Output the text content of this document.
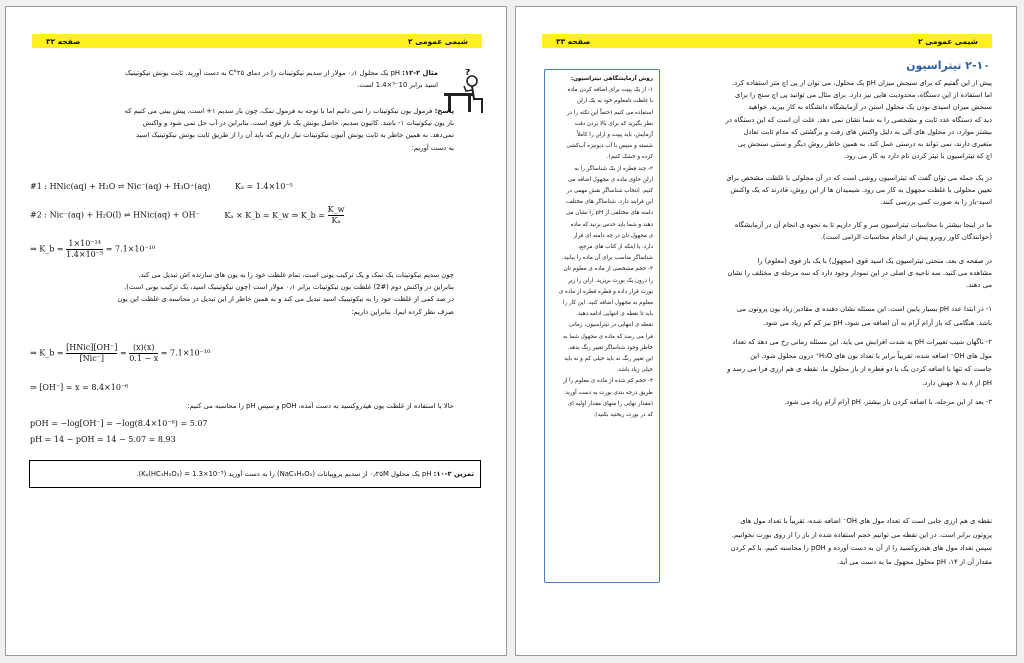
شیمی عمومی ۲
صفحه ۳۲
?
مثال ۲-۱۲: pH یک محلول ۰٫۱ مولار از سدیم نیکوتینات را در دمای C°۲۵ به دست آورید. ثابت یونش نیکوتینیک
اسید برابر 10⁻⁵×1.4 است.
پاسخ: فرمول یون نیکوتینات را نمی دانیم اما با توجه به فرمول نمک، چون بار سدیم ۱+ است، پیش بینی می کنیم که
بار یون نیکوتینات ۱- باشد. کاتیون سدیم، حاصل یونش یک باز قوی است. بنابراین در آب حل نمی شود و واکنش
نمی‌دهد. به همین خاطر به ثابت یونش آنیون نیکوتینات نیاز داریم که باید آن را از طریق ثابت یونش نیکوتینیک اسید
به دست آوریم:
#1 : HNic(aq) + H₂O ⇌ Nic⁻(aq) + H₃O⁺(aq)	Kₐ = 1.4×10⁻⁵
#2 : Nic⁻(aq) + H₂O(l) ⇌ HNic(aq) + OH⁻	Kₐ × K_b = K_w ⇒ K_b = $\frac{K\_w}{\text{Kₐ}}$
⇒ K_b = $\frac{\text{1×10⁻¹⁴}}{\text{1.4×10⁻⁵}} = 7.1\times 10^{-10}$
چون سدیم نیکوتینات یک نمک و یک ترکیب یونی است، تمام غلظت خود را به یون های سازنده اش تبدیل می کند.
بنابراین در واکنش دوم (#2) غلظت یون نیکوتینات برابر ۰٫۱ مولار است (چون نیکوتینیک اسید، یک ترکیب یونی است).
در صد کمی از غلظت خود را به نیکوتینیک اسید تبدیل می کند و به همین خاطر از این تبدیل در محاسبه ی غلظت این یون
صرف نظر کرده ایم). بنابراین داریم:
⇒ K_b = $\frac{\text{[HNic][OH⁻]}}{\text{[Nic⁻]}} = \frac{(x)(x)}{0.1 - x} = 7.1\times 10^{-10}$
⇒ [OH⁻] = x = 8.4×10⁻⁶
حالا با استفاده از غلظت یون هیدروکسید به دست آمده، pOH و سپس pH را محاسبه می کنیم:
pOH = −log[OH⁻] = −log(8.4×10⁻⁶) = 5.07
pH = 14 − pOH = 14 − 5.07 = 8.93
تمرین ۲-۱۰: pH یک محلول ۰٫۲۵M از سدیم پروپیانات (NaC₃H₅O₂) را به دست آورید (Kₐ(HC₃H₅O₂) = 1.3×10⁻⁵).
شیمی عمومی ۲
صفحه ۳۳
۲-۱۰ تیتراسیون

روش آزمایشگاهی تیتراسیون:

۱- از یک پیپت برای اضافه کردن ماده

با غلظت نامعلوم خود به یک ارلن

استفاده می کنیم (حتماً این نکته را در

نظر بگیرید که برای بالا بردن دقت

آزمایش، باید پیپت و ارلن را کاملاً

شسته و سپس با آب دیونیزه آب‌کشی

کرده و خشک کنیم).

۲- چند قطره از یک شناساگر را به

ارلن حاوی ماده ی مجهول اضافه می

کنیم. انتخاب شناساگر نقش مهمی در

این فرایند دارد. شناساگر های مختلف،

دامنه های مختلفی از pH را نشان می

دهند و شما باید حدس بزنید که ماده

ی مجهول تان در چه دامنه ای قرار

دارد. یا اینکه از کتاب های مرجع،

شناساگر مناسب برای آن ماده را بیابید.

۳- حجم مشخصی از ماده ی معلوم تان

را درون یک بورت بریزید. ارلن را زیر

بورت قرار داده و قطره قطره از ماده ی

معلوم به مجهول اضافه کنید. این کار را

باید تا نقطه ی انتهایی ادامه دهید.

نقطه ی انتهایی در تیتراسیون، زمانی

فرا می رسد که ماده ی مجهول شما به

خاطر وجود شناساگر تغییر رنگ بدهد.

این تغییر رنگ نه باید خیلی کم و نه باید

خیلی زیاد باشد.

۴- حجم کم شده از ماده ی معلوم را از

طریق درجه بندی بورت به دست آورید

(مقدار نهایی را منهای مقدار اولیه ای

که در بورت ریختید بکنید).

پیش از این گفتیم که برای سنجش میزان pH یک محلول، می توان از پی اچ متر استفاده کرد.
اما استفاده از این دستگاه، محدودیت هایی نیز دارد. برای مثال می توانید پی اچ سنج را برای
سنجش میزان اسیدی بودن یک محلول استن در آزمایشگاه دانشگاه به کار ببرید. خواهید
دید که دستگاه عدد ثابت و مشخصی را به شما نشان نمی دهد. علت آن است که این دستگاه در
بیشتر موارد، در محلول های آلی به دلیل واکنش های رفت و برگشتی که مدام ثابت تعادل
متغیری دارند، نمی تواند به درستی عمل کند. به همین خاطر روش دیگر و سنتی سنجش پی
اچ که تیتراسیون یا تیتر کردن نام دارد به کار می رود.
در یک جمله می توان گفت که تیتراسیون روشی است که در آن محلولی با غلظت مشخص برای
تعیین محلولی با غلظت مجهول به کار می رود. شیمیدان ها از این روش، قادرند که یک واکنش
اسید-باز را به صورت کمی بررسی کنند.
ما در اینجا بیشتر با محاسبات تیتراسیون سر و کار داریم تا به نحوه ی انجام آن در آزمایشگاه
(خوانندگان کاور روبرو پیش از انجام محاسبات الزامی است).
در صفحه ی بعد، منحنی تیتراسیون یک اسید قوی (مجهول) با یک باز قوی (معلوم) را
مشاهده می کنید. سه ناحیه ی اصلی در این نمودار وجود دارد که سه مرحله ی مختلف را نشان
می دهند.
۱- در ابتدا عدد pH بسیار پایین است. این مسئله نشان دهنده ی مقادیر زیاد یون پروتون می
باشد. هنگامی که باز آرام آرام به آن اضافه می شود، pH نیز کم کم زیاد می شود.
۲- ناگهان شیب تغییرات pH به شدت افزایش می یابد. این مسئله زمانی رخ می دهد که تعداد
مول های OH⁻ اضافه شده، تقریباً برابر با تعداد یون های H₃O⁺ درون محلول شود. این
جاست که تنها با اضافه کردن یک یا دو قطره از باز محلول ما، نقطه ی هم ارزی فرا می رسد و
pH از ۸ به ۸ جهش دارد.
۳- بعد از این مرحله، با اضافه کردن باز بیشتر، pH آرام آرام زیاد می شود.
نقطه ی هم ارزی جایی است که تعداد مول های OH⁻ اضافه شده، تقریباً با تعداد مول های
پروتون برابر است. در این نقطه می توانیم حجم استفاده شده از باز را از روی بورت بخوانیم.
سپس تعداد مول های هیدروکسید را از آن به دست آورده و pOH را محاسبه کنیم. با کم کردن
مقدار آن از ۱۴، pH محلول مجهول ما به دست می آید.
